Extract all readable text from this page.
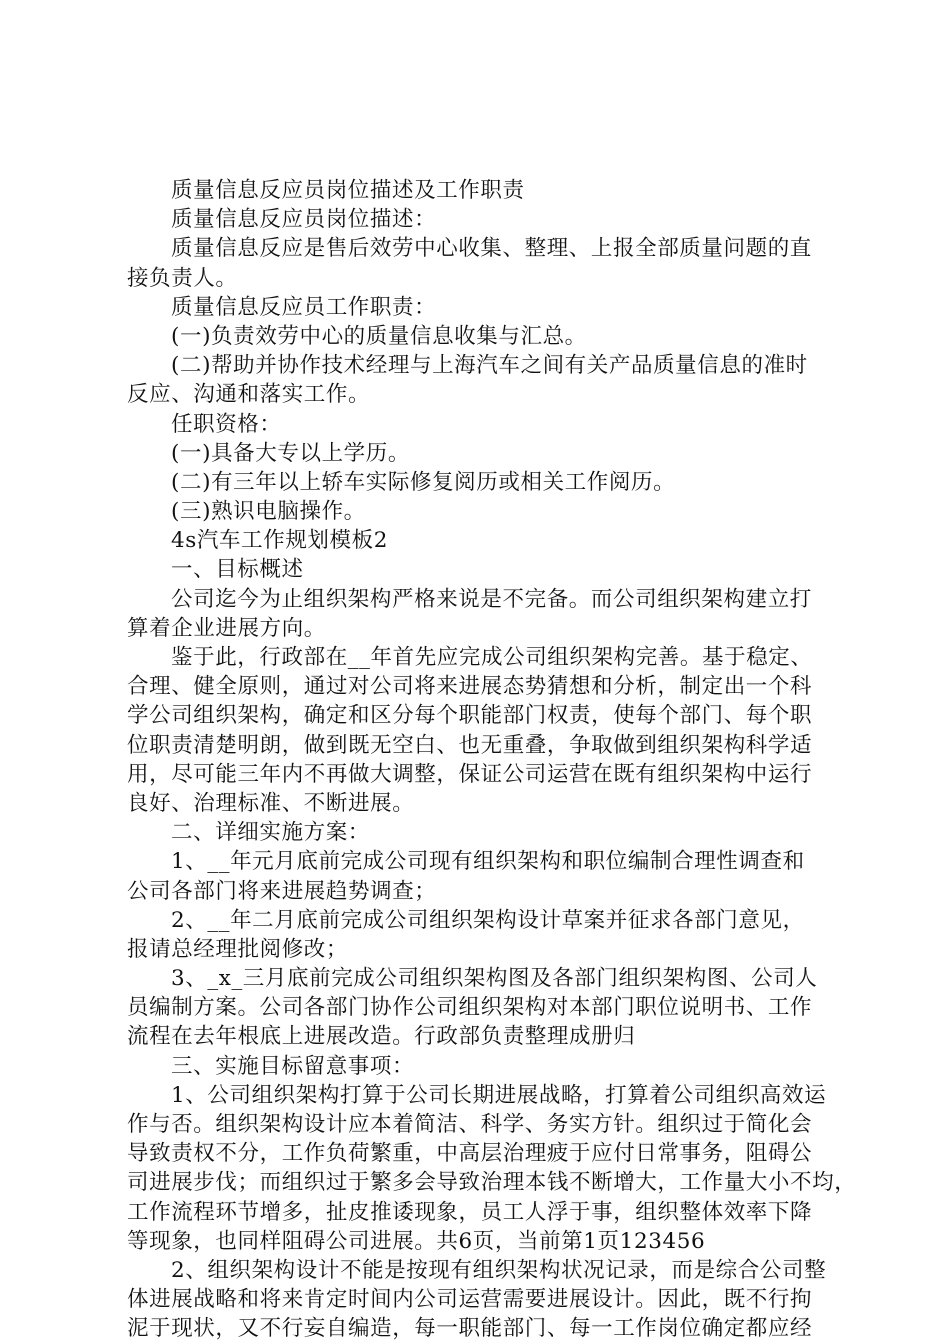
质量信息反应员岗位描述及工作职责
质量信息反应员岗位描述：
质量信息反应是售后效劳中心收集、整理、上报全部质量问题的直
接负责人。
质量信息反应员工作职责：
(一)负责效劳中心的质量信息收集与汇总。
(二)帮助并协作技术经理与上海汽车之间有关产品质量信息的准时
反应、沟通和落实工作。
任职资格：
(一)具备大专以上学历。
(二)有三年以上轿车实际修复阅历或相关工作阅历。
(三)熟识电脑操作。
4s汽车工作规划模板2
一、目标概述
公司迄今为止组织架构严格来说是不完备。而公司组织架构建立打
算着企业进展方向。
鉴于此，行政部在__年首先应完成公司组织架构完善。基于稳定、
合理、健全原则，通过对公司将来进展态势猜想和分析，制定出一个科
学公司组织架构，确定和区分每个职能部门权责，使每个部门、每个职
位职责清楚明朗，做到既无空白、也无重叠，争取做到组织架构科学适
用，尽可能三年内不再做大调整，保证公司运营在既有组织架构中运行
良好、治理标准、不断进展。
二、详细实施方案：
1、__年元月底前完成公司现有组织架构和职位编制合理性调查和
公司各部门将来进展趋势调查；
2、__年二月底前完成公司组织架构设计草案并征求各部门意见，
报请总经理批阅修改；
3、_x_三月底前完成公司组织架构图及各部门组织架构图、公司人
员编制方案。公司各部门协作公司组织架构对本部门职位说明书、工作
流程在去年根底上进展改造。行政部负责整理成册归
三、实施目标留意事项：
1、公司组织架构打算于公司长期进展战略，打算着公司组织高效运
作与否。组织架构设计应本着简洁、科学、务实方针。组织过于简化会
导致责权不分，工作负荷繁重，中高层治理疲于应付日常事务，阻碍公
司进展步伐；而组织过于繁多会导致治理本钱不断增大，工作量大小不均，
工作流程环节增多，扯皮推诿现象，员工人浮于事，组织整体效率下降
等现象，也同样阻碍公司进展。共6页，当前第1页123456
2、组织架构设计不能是按现有组织架构状况记录，而是综合公司整
体进展战略和将来肯定时间内公司运营需要进展设计。因此，既不行拘
泥于现状，又不行妄自编造，每一职能部门、每一工作岗位确定都应经
